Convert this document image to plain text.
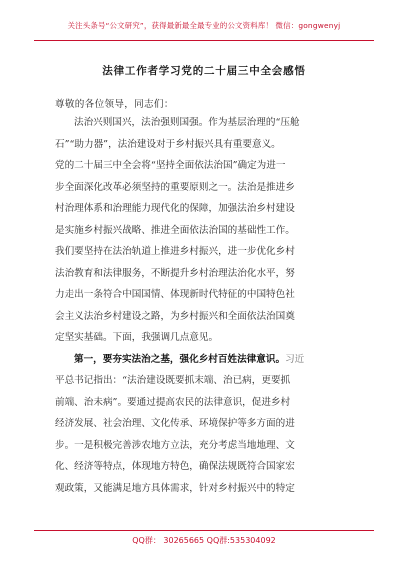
关注头条号“公文研究”，获得最新最全最专业的公文资料库！ 微信：gongwenyj
法律工作者学习党的二十届三中全会感悟
尊敬的各位领导，同志们：
法治兴则国兴，法治强则国强。作为基层治理的“压舱
石”“助力器”，法治建设对于乡村振兴具有重要意义。
党的二十届三中全会将“坚持全面依法治国”确定为进一
步全面深化改革必须坚持的重要原则之一。法治是推进乡
村治理体系和治理能力现代化的保障，加强法治乡村建设
是实施乡村振兴战略、推进全面依法治国的基础性工作。
我们要坚持在法治轨道上推进乡村振兴，进一步优化乡村
法治教育和法律服务，不断提升乡村治理法治化水平，努
力走出一条符合中国国情、体现新时代特征的中国特色社
会主义法治乡村建设之路，为乡村振兴和全面依法治国奠
定坚实基础。下面，我强调几点意见。
第一，要夯实法治之基，强化乡村百姓法律意识。习近
平总书记指出：“法治建设既要抓末端、治已病，更要抓
前端、治未病”。要通过提高农民的法律意识，促进乡村
经济发展、社会治理、文化传承、环境保护等多方面的进
步。一是积极完善涉农地方立法，充分考虑当地地理、文
化、经济等特点，体现地方特色，确保法规既符合国家宏
观政策，又能满足地方具体需求，针对乡村振兴中的特定
QQ群： 30265665 QQ群:535304092
